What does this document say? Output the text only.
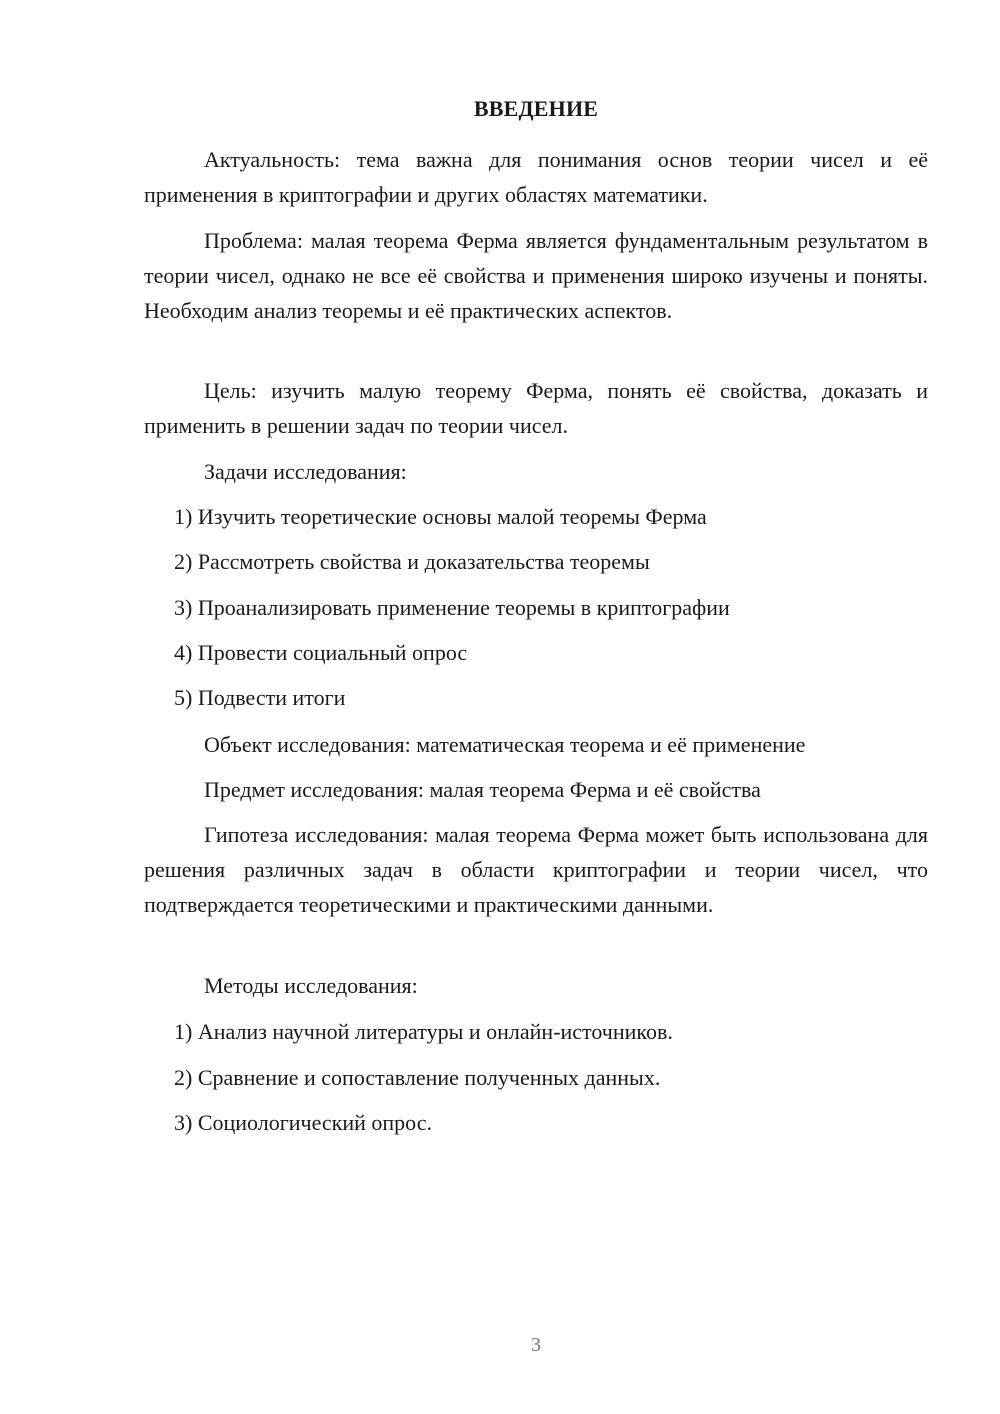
ВВЕДЕНИЕ

Актуальность: тема важна для понимания основ теории чисел и её применения в криптографии и других областях математики.

Проблема: малая теорема Ферма является фундаментальным результатом в теории чисел, однако не все её свойства и применения широко изучены и поняты. Необходим анализ теоремы и её практических аспектов.

Цель: изучить малую теорему Ферма, понять её свойства, доказать и применить в решении задач по теории чисел.

Задачи исследования:
1) Изучить теоретические основы малой теоремы Ферма
2) Рассмотреть свойства и доказательства теоремы
3) Проанализировать применение теоремы в криптографии
4) Провести социальный опрос
5) Подвести итоги
Объект исследования: математическая теорема и её применение
Предмет исследования: малая теорема Ферма и её свойства

Гипотеза исследования: малая теорема Ферма может быть использована для решения различных задач в области криптографии и теории чисел, что подтверждается теоретическими и практическими данными.

Методы исследования:
1) Анализ научной литературы и онлайн-источников.
2) Сравнение и сопоставление полученных данных.
3) Социологический опрос.
3
